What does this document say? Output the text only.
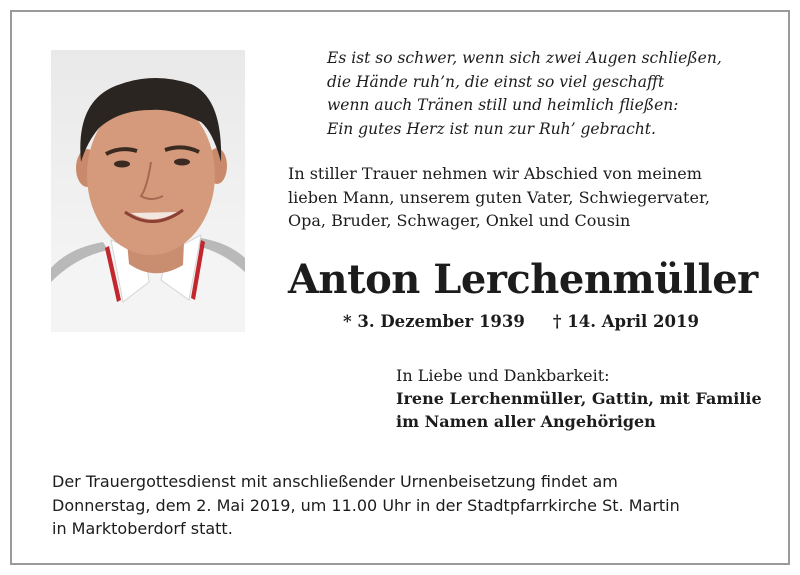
Es ist so schwer, wenn sich zwei Augen schließen,
die Hände ruh’n, die einst so viel geschafft
wenn auch Tränen still und heimlich fließen:
Ein gutes Herz ist nun zur Ruh’ gebracht.
In stiller Trauer nehmen wir Abschied von meinem
lieben Mann, unserem guten Vater, Schwiegervater,
Opa, Bruder, Schwager, Onkel und Cousin
Anton Lerchenmüller
* 3. Dezember 1939 † 14. April 2019
In Liebe und Dankbarkeit:
Irene Lerchenmüller, Gattin, mit Familie
im Namen aller Angehörigen
Der Trauergottesdienst mit anschließender Urnenbeisetzung findet am
Donnerstag, dem 2. Mai 2019, um 11.00 Uhr in der Stadtpfarrkirche St. Martin
in Marktoberdorf statt.
